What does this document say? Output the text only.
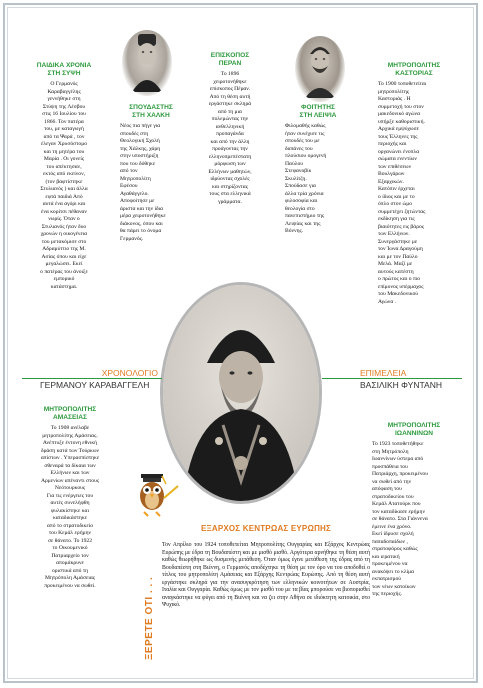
ΠΑΙΔΙΚΑ ΧΡΟΝΙΑ
ΣΤΗ ΣΥΨΗ
Ο Γερμανός
Καραβαγγέλης
γεννήθηκε στη
Στύψη της Λέσβου
στις 16 Ιουλίου του
1866. Τον πατέρα
του, με καταγωγή
από τα Ψαρά , τον
έλεγαν Χρυσόστομο
και τη μητέρα του
Μαρία . Οι γονείς
του απέκτησαν,
εκτός από εκείνον,
(τον βαφτίστηκε
Στυλιανός ) και άλλα
εφτά παιδιά Από
αυτά ένα αγόρι και
ένα κορίτσι πέθαναν
νωρίς. Όταν ο
Στυλιανός ήταν δυο
χρονών η οικογένεια
του μετακόμισε στο
Αδραμύττιο της Μ.
Ασίας όπου και είχε
μεγαλώσει. Εκεί
ο πατέρας του άνοιξε
εμπορικό
κατάστημα.
ΣΠΟΥΔΑΣΤΗΣ
ΣΤΗ ΧΑΛΚΗ
Νέος πια πήγε για
σπουδές στη
Θεολογική Σχολή
της Χάλκης, χάρη
στην υποστήριξη
που του δόθηκε
από τον
Μητροπολίτη
Εφέσου
Αγαθάγγελο.
Αποφοίτησε με
άριστα και την ίδια
μέρα χειροτονήθηκε
διάκονος, όπου και
θα πάρει το όνομα
Γερμανός.
ΕΠΙΣΚΟΠΟΣ
ΠΕΡΑΝ
Το 1896
χειροτονήθηκε
επίσκοπος Πέραν.
Από τη θέση αυτή
εργάστηκε σκληρά
από τη μια
πολεμώντας την
ανθελληνική
προπαγάνδα
και από την άλλη
προάγοντας την
ελληνοπρεπέστατη
μόρφωση των
Ελλήνων μαθητών,
ιδρύοντας σχολές
και στηρίζοντας
τους στα ελληνικά
γράμματα.
ΦΟΙΤΗΤΗΣ
ΣΤΗ ΛΕΙΨΙΑ
Φιλομαθής καθώς
ήταν συνέχισε τις
σπουδές του με
δαπάνες του
πλούσιου ομογενή
Παύλου
Στεφανοβίκ
Σκυλίτζη.
Σπούδασε για
άλλα τρία χρόνια
φιλοσοφία και
θεολογία στο
πανεπιστήμιο της
Λειψίας και της
Βόννης.
ΜΗΤΡΟΠΟΛΙΤΗΣ
ΚΑΣΤΟΡΙΑΣ
Το 1900 τοποθετείται
μητροπολίτης
Καστοριάς . Η
συμμετοχή του στον
μακεδονικό αγώνα
υπήρξε καθοριστική.
Αρχικά εμψύχωσε
τους Έλληνες της
περιοχής και
οργανώνει ένοπλα
σώματα ενεντίων
των επιθέσεων
Βουλγάρων
Εξαρχικών.
Κατόπιν έρχεται
ο ίδιος και με το
όπλο στον ώμο
συμμετέχει ζητώντας
εκδίκηση για τις
βιαιότητες εις βάρος
των Ελλήνων.
Συνεργάστηκε με
τον Ίωνα Δραγούμη
και με τον Παύλο
Μελά. Μαζί με
αυτούς κατέστη
ο πρώτος και ο πιο
επίμονος υπέρμαχος
του Μακεδονικού
Αγώνα .
ΧΡΟΝΟΛΟΓΙΟ
ΓΕΡΜΑΝΟΥ ΚΑΡΑΒΑΓΓΕΛΗ
ΕΠΙΜΕΛΕΙΑ
ΒΑΣΙΛΙΚΗ ΦΥΝΤΑΝΗ
ΜΗΤΡΟΠΟΛΙΤΗΣ
ΑΜΑΣΕΙΑΣ
Το 1908 ανέλαβε
μητροπολίτης Αμάσειας.
Ανέπτυξε έντονη εθνική
δράση κατά των Τούρκων
απίστων . Υπερασπίστηκε
σθεναρά τα δίκαια των
Ελλήνων και των
Αρμενίων απέναντι στους
Νεότουρκους
Για τις ενέργειες του
αυτές συνελήφθη
φυλακίστηκε και
καταδικάστηκε
από το στρατοδικείο
του Κεμάλ ερήμην
σε θάνατο. Το 1922
το Οικουμενικό
Πατριαρχείο τον
απομάκρυνε
οριστικά από τη
Μητρόπολη Αμάσειας
προκειμένου να σωθεί.
ΜΗΤΡΟΠΟΛΙΤΗΣ
ΙΩΑΝΝΙΝΩΝ
Το 1923 τοποθετήθηκε
στη Μητρόπολη
Ιωαννίνων ύστερα από
προσπάθεια του
Πατριάρχη, προκειμένου
να σωθεί από την
απόφαση του
στρατοδικείου του
Κεμάλ Ατατούρκ που
τον καταδίκασε ερήμην
σε θάνατο. Στα Γιάννενα
έμεινε ένα χρόνο.
Εκεί ίδρυσε σχολή
παπαδοπαίδων ,
στρατοφόρος καθώς
και ιερατική
προκειμένου να
ανακόψει το κλίμα
εκπατρισμού
των νέων κατοίκων
της περιοχής.
ΞΕΡΕΤΕ ΟΤΙ . . .
ΕΞΑΡΧΟΣ ΚΕΝΤΡΩΑΣ ΕΥΡΩΠΗΣ
Τον Απρίλιο του 1924 τοποθετείται Μητροπολίτης Ουγγαρίας και Εξάρχος Κεντρώας Ευρώπης με έδρα τη Βουδαπέστη και με μισθό μισθό. Αργότερα αρνήθηκε τη θέση αυτή καθώς θεωρήθηκε ως δυσμενής μετάθεση. Όταν όμως έγινε μετάθεση της έδρας από τη Βουδαπέστη στη Βιέννη, ο Γερμανός αποδέχτηκε τη θέση με τον όρο να του αποδοθεί ο τίτλος του μητροπολίτη Αμάσειας και Εξάρχης Κεντρώας Ευρώπης. Από τη θέση αυτή εργάστηκε σκληρά για την ανασυγκρότηση των ελληνικών κοινοτήτων σε Αυστρία, Ιταλία και Ουγγαρία. Καθώς όμως με τον μισθό του με τα βίας μπορούσε να βιοπορισθεί αναγκάστηκε να φύγει από τη Βιέννη και να ζει στην Αθήνα σε ιδιόκτητη κατοικία, στο Ψυχικό.
